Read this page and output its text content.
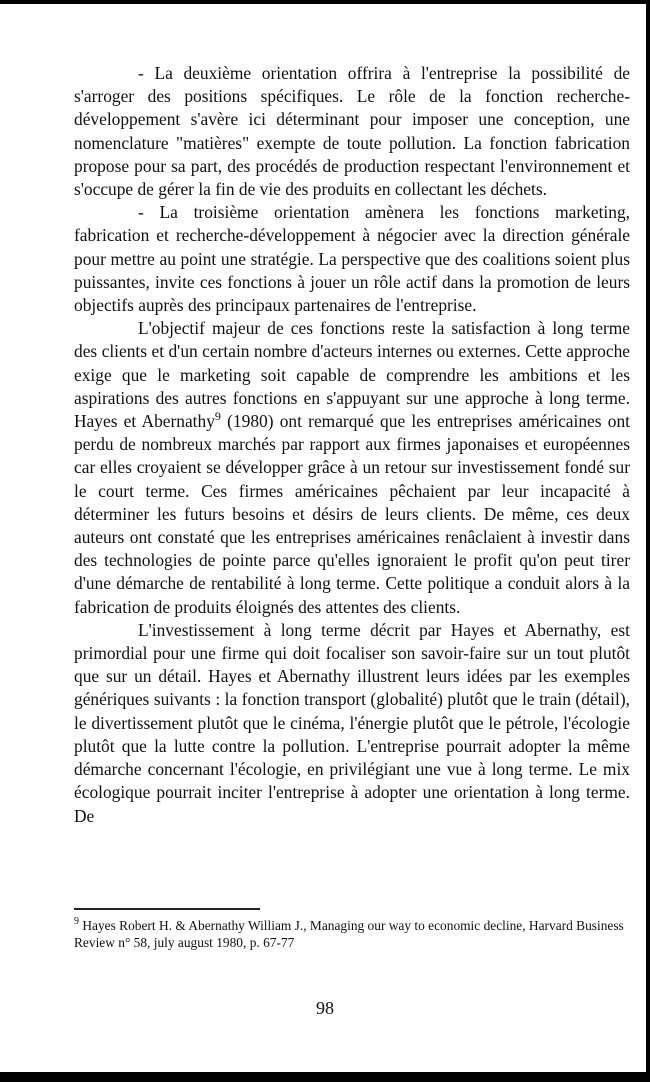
- La deuxième orientation offrira à l'entreprise la possibilité de s'arroger des positions spécifiques. Le rôle de la fonction recherche-développement s'avère ici déterminant pour imposer une conception, une nomenclature "matières" exempte de toute pollution. La fonction fabrication propose pour sa part, des procédés de production respectant l'environnement et s'occupe de gérer la fin de vie des produits en collectant les déchets.

- La troisième orientation amènera les fonctions marketing, fabrication et recherche-développement à négocier avec la direction générale pour mettre au point une stratégie. La perspective que des coalitions soient plus puissantes, invite ces fonctions à jouer un rôle actif dans la promotion de leurs objectifs auprès des principaux partenaires de l'entreprise.

L'objectif majeur de ces fonctions reste la satisfaction à long terme des clients et d'un certain nombre d'acteurs internes ou externes. Cette approche exige que le marketing soit capable de comprendre les ambitions et les aspirations des autres fonctions en s'appuyant sur une approche à long terme. Hayes et Abernathy$^9$ (1980) ont remarqué que les entreprises américaines ont perdu de nombreux marchés par rapport aux firmes japonaises et européennes car elles croyaient se développer grâce à un retour sur investissement fondé sur le court terme. Ces firmes américaines pêchaient par leur incapacité à déterminer les futurs besoins et désirs de leurs clients. De même, ces deux auteurs ont constaté que les entreprises américaines renâclaient à investir dans des technologies de pointe parce qu'elles ignoraient le profit qu'on peut tirer d'une démarche de rentabilité à long terme. Cette politique a conduit alors à la fabrication de produits éloignés des attentes des clients.

L'investissement à long terme décrit par Hayes et Abernathy, est primordial pour une firme qui doit focaliser son savoir-faire sur un tout plutôt que sur un détail. Hayes et Abernathy illustrent leurs idées par les exemples génériques suivants : la fonction transport (globalité) plutôt que le train (détail), le divertissement plutôt que le cinéma, l'énergie plutôt que le pétrole, l'écologie plutôt que la lutte contre la pollution. L'entreprise pourrait adopter la même démarche concernant l'écologie, en privilégiant une vue à long terme. Le mix écologique pourrait inciter l'entreprise à adopter une orientation à long terme. De

$^9$ Hayes Robert H. & Abernathy William J., Managing our way to economic decline, Harvard Business Review n° 58, july august 1980, p. 67-77
98
